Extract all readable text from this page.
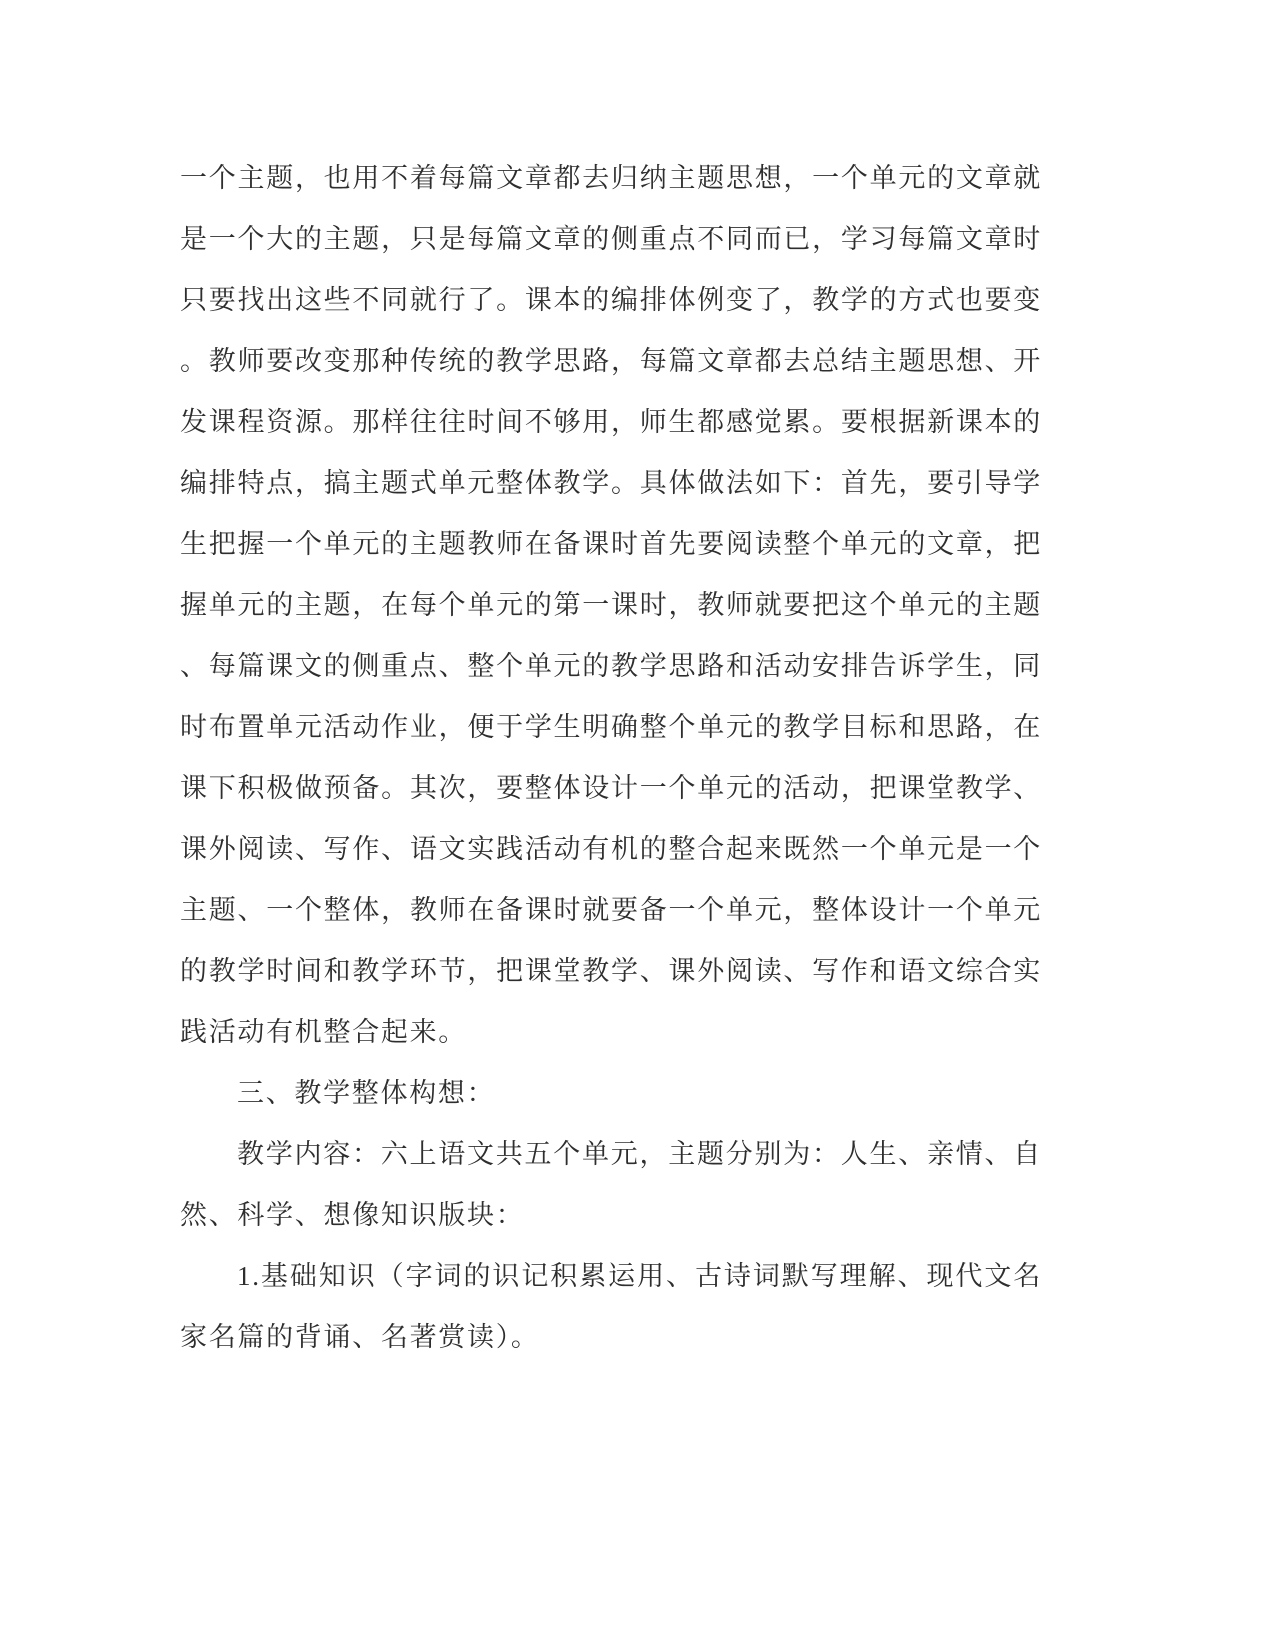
一个主题，也用不着每篇文章都去归纳主题思想，一个单元的文章就
是一个大的主题，只是每篇文章的侧重点不同而已，学习每篇文章时
只要找出这些不同就行了。课本的编排体例变了，教学的方式也要变
。教师要改变那种传统的教学思路，每篇文章都去总结主题思想、开
发课程资源。那样往往时间不够用，师生都感觉累。要根据新课本的
编排特点，搞主题式单元整体教学。具体做法如下：首先，要引导学
生把握一个单元的主题教师在备课时首先要阅读整个单元的文章，把
握单元的主题，在每个单元的第一课时，教师就要把这个单元的主题
、每篇课文的侧重点、整个单元的教学思路和活动安排告诉学生，同
时布置单元活动作业，便于学生明确整个单元的教学目标和思路，在
课下积极做预备。其次，要整体设计一个单元的活动，把课堂教学、
课外阅读、写作、语文实践活动有机的整合起来既然一个单元是一个
主题、一个整体，教师在备课时就要备一个单元，整体设计一个单元
的教学时间和教学环节，把课堂教学、课外阅读、写作和语文综合实
践活动有机整合起来。
三、教学整体构想：
教学内容：六上语文共五个单元，主题分别为：人生、亲情、自
然、科学、想像知识版块：
1.基础知识（字词的识记积累运用、古诗词默写理解、现代文名
家名篇的背诵、名著赏读）。
